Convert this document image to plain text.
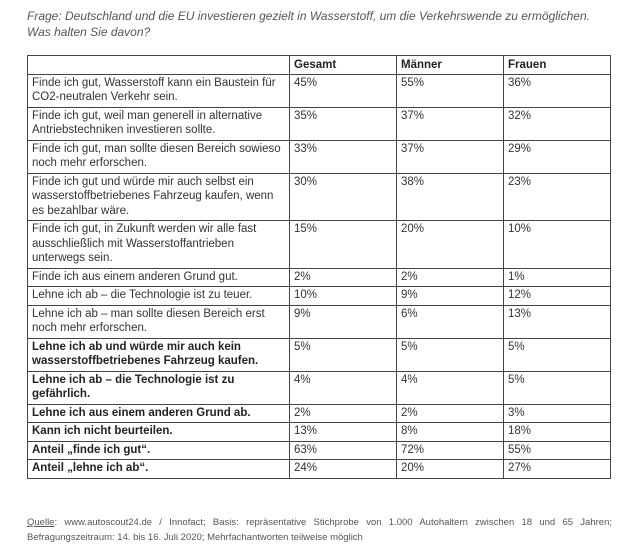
Frage: Deutschland und die EU investieren gezielt in Wasserstoff, um die Verkehrswende zu ermöglichen. Was halten Sie davon?
	Gesamt	Männer	Frauen
Finde ich gut, Wasserstoff kann ein Baustein für CO2-neutralen Verkehr sein.	45%	55%	36%
Finde ich gut, weil man generell in alternative Antriebstechniken investieren sollte.	35%	37%	32%
Finde ich gut, man sollte diesen Bereich sowieso noch mehr erforschen.	33%	37%	29%
Finde ich gut und würde mir auch selbst ein wasserstoffbetriebenes Fahrzeug kaufen, wenn es bezahlbar wäre.	30%	38%	23%
Finde ich gut, in Zukunft werden wir alle fast ausschließlich mit Wasserstoffantrieben unterwegs sein.	15%	20%	10%
Finde ich aus einem anderen Grund gut.	2%	2%	1%
Lehne ich ab – die Technologie ist zu teuer.	10%	9%	12%
Lehne ich ab – man sollte diesen Bereich erst noch mehr erforschen.	9%	6%	13%
Lehne ich ab und würde mir auch kein wasserstoffbetriebenes Fahrzeug kaufen.	5%	5%	5%
Lehne ich ab – die Technologie ist zu gefährlich.	4%	4%	5%
Lehne ich aus einem anderen Grund ab.	2%	2%	3%
Kann ich nicht beurteilen.	13%	8%	18%
Anteil „finde ich gut“.	63%	72%	55%
Anteil „lehne ich ab“.	24%	20%	27%
Quelle: www.autoscout24.de / Innofact; Basis: repräsentative Stichprobe von 1.000 Autohaltern zwischen 18 und 65 Jahren; Befragungszeitraum: 14. bis 16. Juli 2020; Mehrfachantworten teilweise möglich
